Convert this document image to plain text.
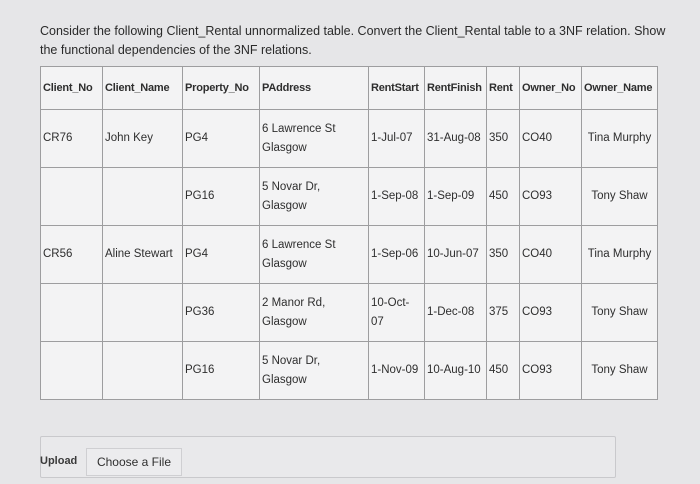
Consider the following Client_Rental unnormalized table. Convert the Client_Rental table to a 3NF relation. Show the functional dependencies of the 3NF relations.
Client_No	Client_Name	Property_No	PAddress	RentStart	RentFinish	Rent	Owner_No	Owner_Name
CR76	John Key	PG4	6 Lawrence St Glasgow	1-Jul-07	31-Aug-08	350	CO40	Tina Murphy
		PG16	5 Novar Dr, Glasgow	1-Sep-08	1-Sep-09	450	CO93	Tony Shaw
CR56	Aline Stewart	PG4	6 Lawrence St Glasgow	1-Sep-06	10-Jun-07	350	CO40	Tina Murphy
		PG36	2 Manor Rd, Glasgow	10-Oct-07	1-Dec-08	375	CO93	Tony Shaw
		PG16	5 Novar Dr, Glasgow	1-Nov-09	10-Aug-10	450	CO93	Tony Shaw
Upload	Choose a File
